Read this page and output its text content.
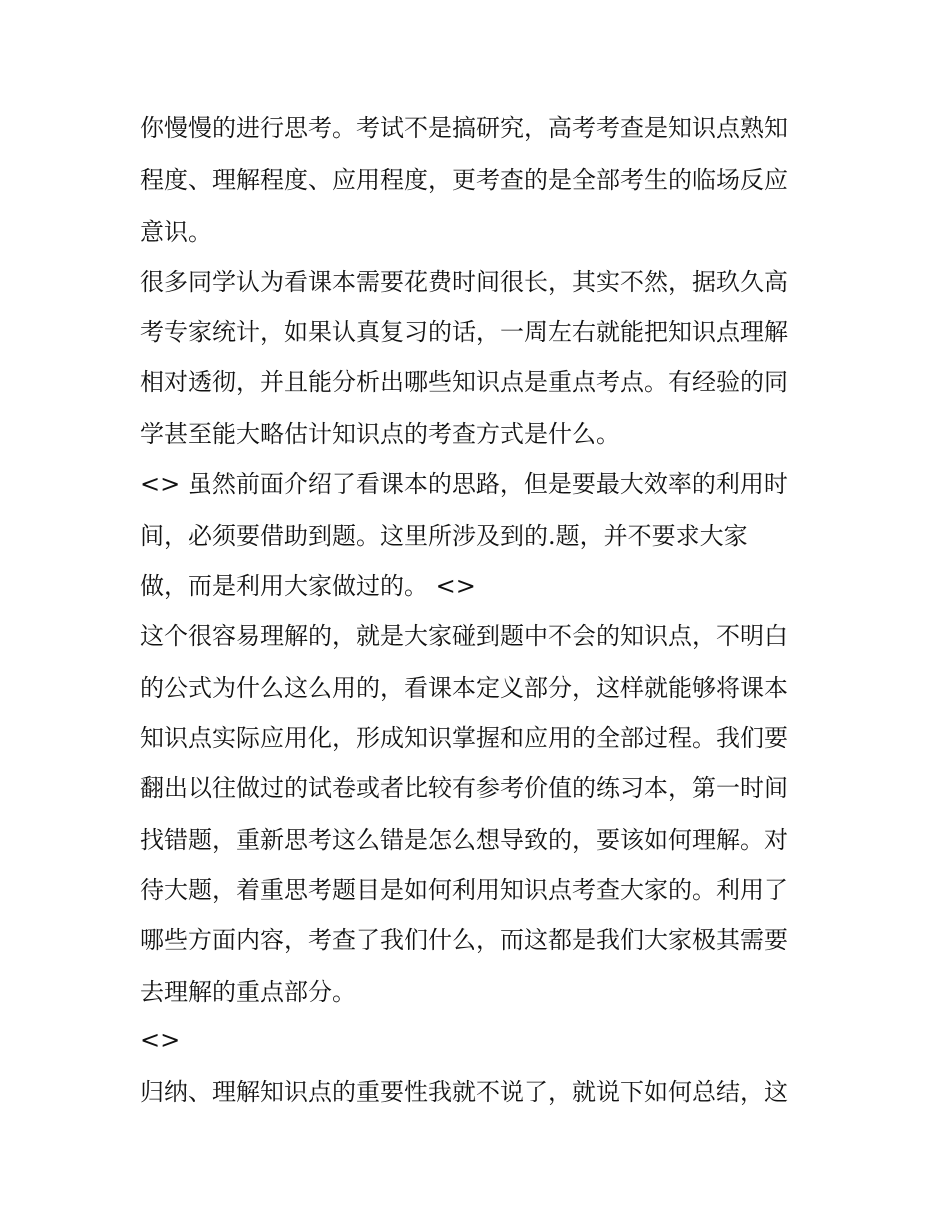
你慢慢的进行思考。考试不是搞研究，高考考查是知识点熟知
程度、理解程度、应用程度，更考查的是全部考生的临场反应
意识。
很多同学认为看课本需要花费时间很长，其实不然，据玖久高
考专家统计，如果认真复习的话，一周左右就能把知识点理解
相对透彻，并且能分析出哪些知识点是重点考点。有经验的同
学甚至能大略估计知识点的考查方式是什么。
<> 虽然前面介绍了看课本的思路，但是要最大效率的利用时
间，必须要借助到题。这里所涉及到的.题，并不要求大家
做，而是利用大家做过的。 <>
这个很容易理解的，就是大家碰到题中不会的知识点，不明白
的公式为什么这么用的，看课本定义部分，这样就能够将课本
知识点实际应用化，形成知识掌握和应用的全部过程。我们要
翻出以往做过的试卷或者比较有参考价值的练习本，第一时间
找错题，重新思考这么错是怎么想导致的，要该如何理解。对
待大题，着重思考题目是如何利用知识点考查大家的。利用了
哪些方面内容，考查了我们什么，而这都是我们大家极其需要
去理解的重点部分。
<>
归纳、理解知识点的重要性我就不说了，就说下如何总结，这
